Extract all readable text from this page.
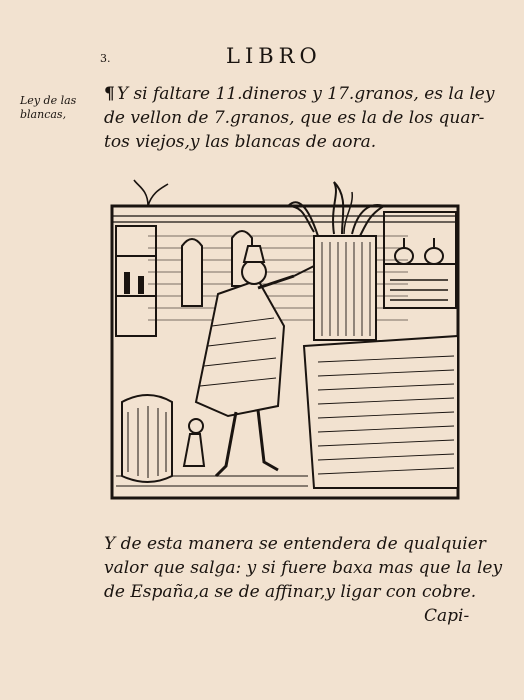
3.	LIBRO
Ley de las
blancas,
¶ Y si faltare 11.dineros y 17.granos, es la ley
de vellon de 7.granos, que es la de los quar-
tos viejos,y las blancas de aora.
Y de esta manera se entendera de qualquier
valor que salga: y si fuere baxa mas que la ley
de España,a se de affinar,y ligar con cobre.
Capi-
